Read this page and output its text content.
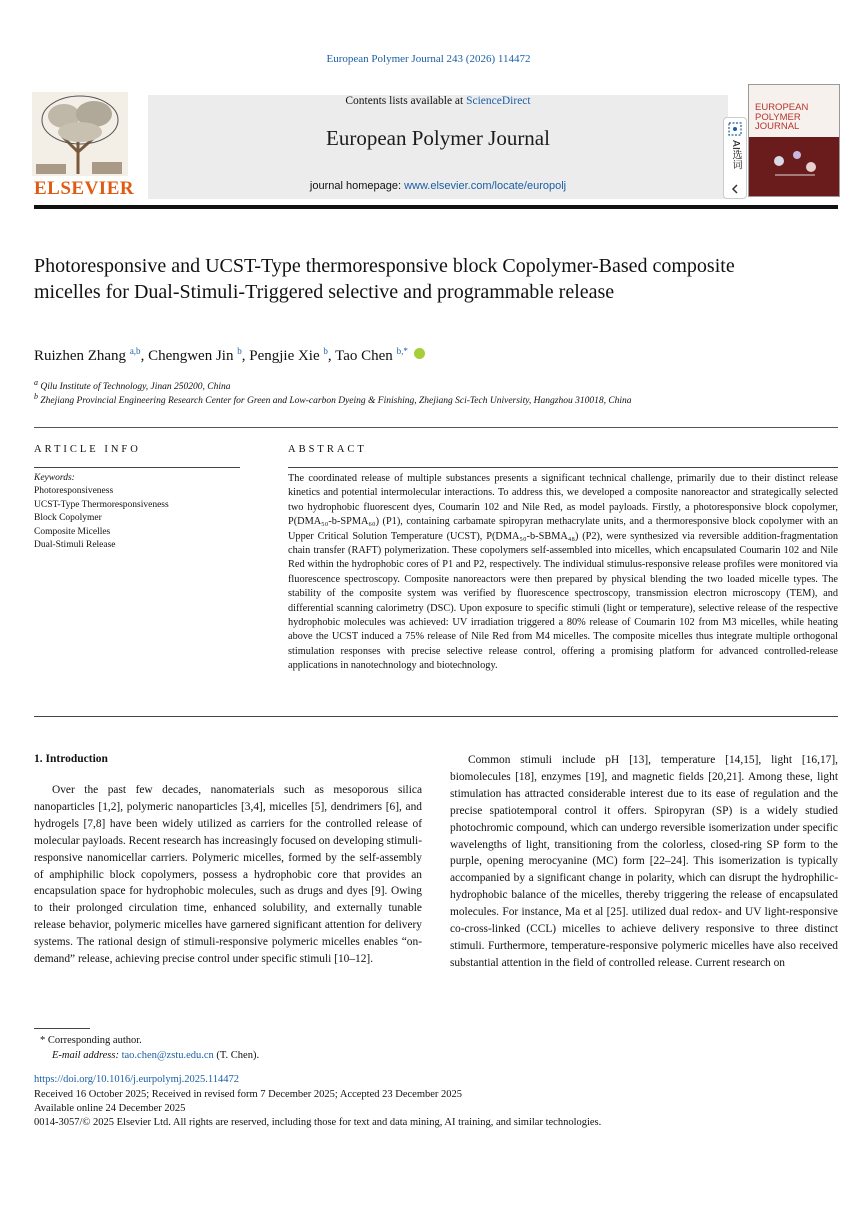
European Polymer Journal 243 (2026) 114472
Contents lists available at ScienceDirect
European Polymer Journal
journal homepage: www.elsevier.com/locate/europolj
ELSEVIER
EUROPEAN POLYMER JOURNAL
AI选词
Photoresponsive and UCST-Type thermoresponsive block Copolymer-Based composite micelles for Dual-Stimuli-Triggered selective and programmable release
Ruizhen Zhang $^{a,b}$, Chengwen Jin $^b$, Pengjie Xie $^b$, Tao Chen $^{b,*}$
$^a$ Qilu Institute of Technology, Jinan 250200, China
$^b$ Zhejiang Provincial Engineering Research Center for Green and Low-carbon Dyeing & Finishing, Zhejiang Sci-Tech University, Hangzhou 310018, China
ARTICLE INFO	ABSTRACT
Keywords:
Photoresponsiveness
UCST-Type Thermoresponsiveness
Block Copolymer
Composite Micelles
Dual-Stimuli Release
The coordinated release of multiple substances presents a significant technical challenge, primarily due to their distinct release kinetics and potential intermolecular interactions. To address this, we developed a composite nanoreactor and strategically selected two hydrophobic fluorescent dyes, Coumarin 102 and Nile Red, as model payloads. Firstly, a photoresponsive block copolymer, P(DMA₅₀-b-SPMA₆₀) (P1), containing carbamate spiropyran methacrylate units, and a thermoresponsive block copolymer with an Upper Critical Solution Temperature (UCST), P(DMA₅₀-b-SBMA₄₈) (P2), were synthesized via reversible addition-fragmentation chain transfer (RAFT) polymerization. These copolymers self-assembled into micelles, which encapsulated Coumarin 102 and Nile Red within the hydrophobic cores of P1 and P2, respectively. The individual stimulus-responsive release profiles were monitored via fluorescence spectroscopy. Composite nanoreactors were then prepared by physical blending the two loaded micelle types. The stability of the composite system was verified by fluorescence spectroscopy, transmission electron microscopy (TEM), and differential scanning calorimetry (DSC). Upon exposure to specific stimuli (light or temperature), selective release of the respective hydrophobic molecules was achieved: UV irradiation triggered a 80% release of Coumarin 102 from M3 micelles, while heating above the UCST induced a 75% release of Nile Red from M4 micelles. The composite micelles thus integrate multiple orthogonal stimulation responses with precise selective release control, offering a promising platform for advanced controlled-release applications in nanotechnology and biotechnology.
1. Introduction
Over the past few decades, nanomaterials such as mesoporous silica nanoparticles [1,2], polymeric nanoparticles [3,4], micelles [5], dendrimers [6], and hydrogels [7,8] have been widely utilized as carriers for the controlled release of molecular payloads. Recent research has increasingly focused on developing stimuli-responsive nanomicellar carriers. Polymeric micelles, formed by the self-assembly of amphiphilic block copolymers, possess a hydrophobic core that provides an encapsulation space for hydrophobic molecules, such as drugs and dyes [9]. Owing to their prolonged circulation time, enhanced solubility, and externally tunable release behavior, polymeric micelles have garnered significant attention for delivery systems. The rational design of stimuli-responsive polymeric micelles enables “on-demand” release, achieving precise control under specific stimuli [10–12].
Common stimuli include pH [13], temperature [14,15], light [16,17], biomolecules [18], enzymes [19], and magnetic fields [20,21]. Among these, light stimulation has attracted considerable interest due to its ease of regulation and the precise spatiotemporal control it offers. Spiropyran (SP) is a widely studied photochromic compound, which can undergo reversible isomerization under specific wavelengths of light, transitioning from the colorless, closed-ring SP form to the purple, opening merocyanine (MC) form [22–24]. This isomerization is typically accompanied by a significant change in polarity, which can disrupt the hydrophilic-hydrophobic balance of the micelles, thereby triggering the release of encapsulated molecules. For instance, Ma et al [25]. utilized dual redox- and UV light-responsive co-cross-linked (CCL) micelles to achieve delivery responsive to three distinct stimuli. Furthermore, temperature-responsive polymeric micelles have also received substantial attention in the field of controlled release. Current research on
* Corresponding author.
E-mail address: tao.chen@zstu.edu.cn (T. Chen).
https://doi.org/10.1016/j.eurpolymj.2025.114472
Received 16 October 2025; Received in revised form 7 December 2025; Accepted 23 December 2025
Available online 24 December 2025
0014-3057/© 2025 Elsevier Ltd. All rights are reserved, including those for text and data mining, AI training, and similar technologies.
